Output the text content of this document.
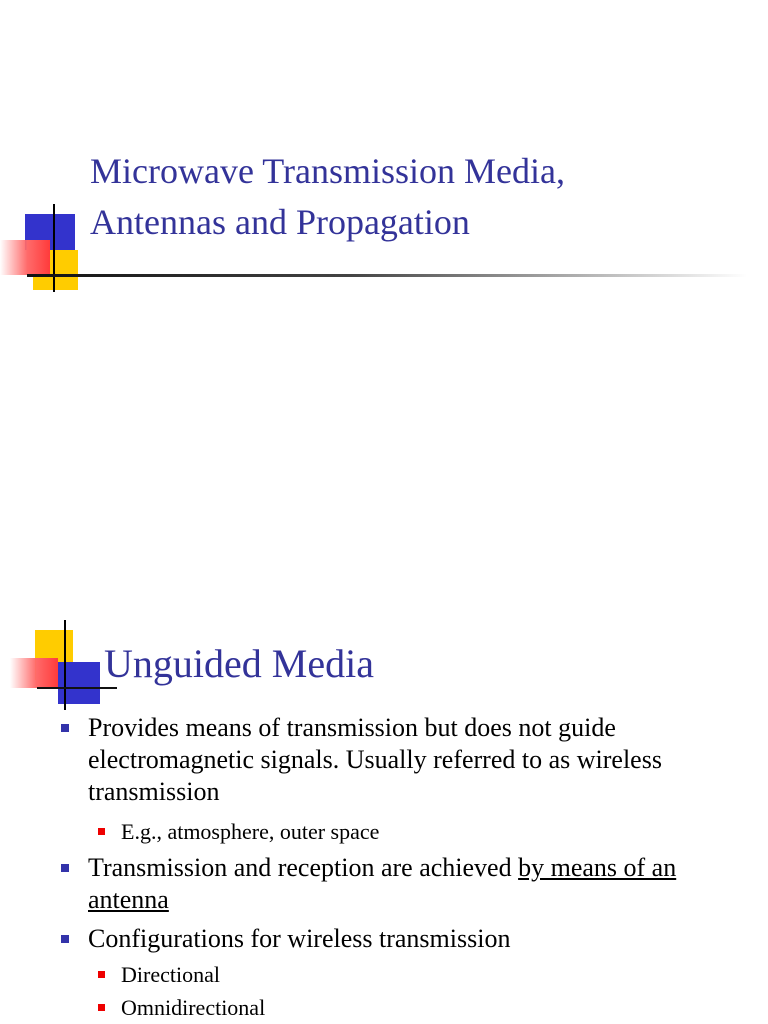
Microwave Transmission Media,
Antennas and Propagation
Unguided Media
Provides means of transmission but does not guide electromagnetic signals. Usually referred to as wireless transmission
E.g., atmosphere, outer space
Transmission and reception are achieved by means of an antenna
Configurations for wireless transmission
Directional
Omnidirectional
